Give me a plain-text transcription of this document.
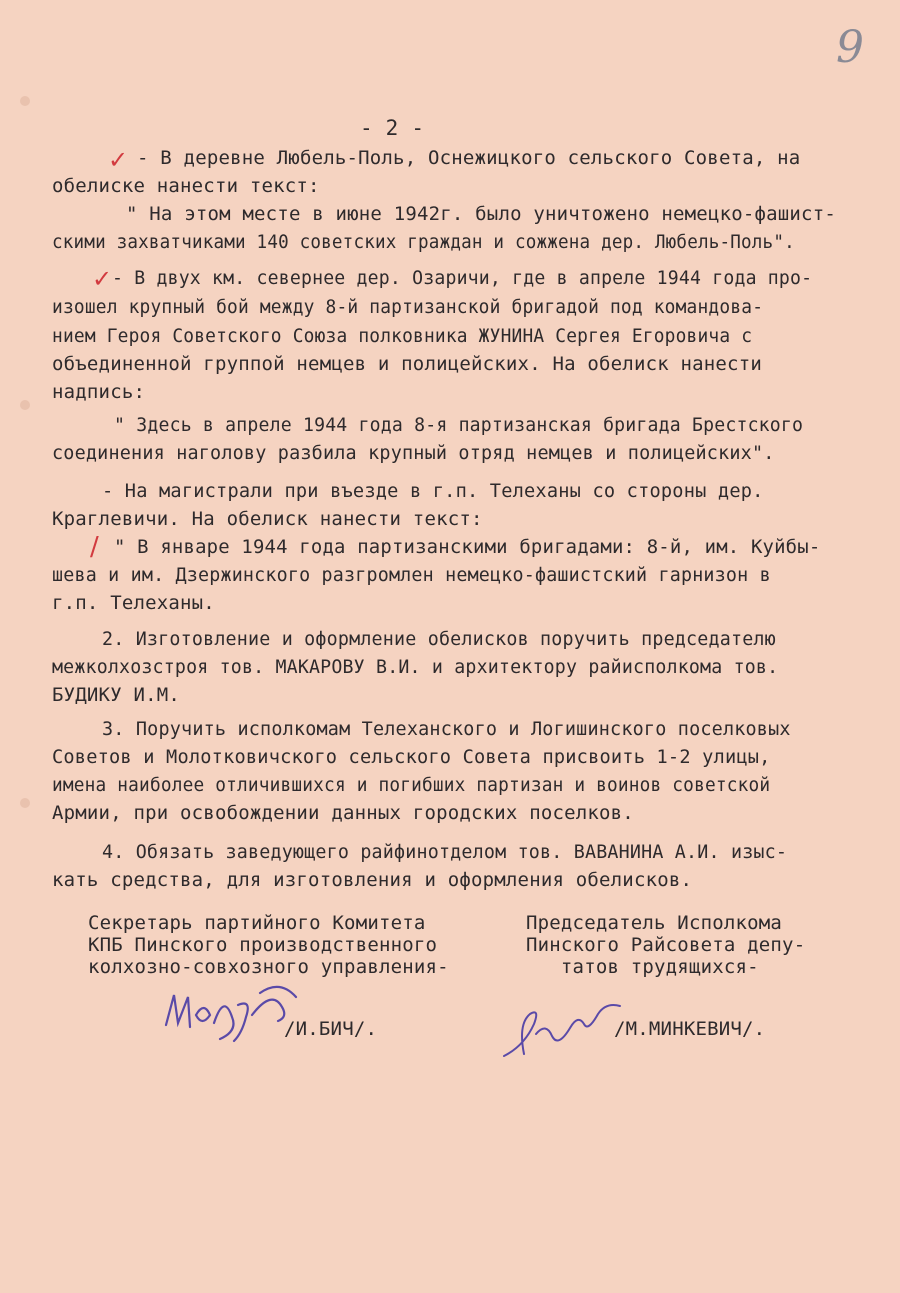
9
- 2 -
✓
✓
/
- В деревне Любель-Поль, Оснежицкого сельского Совета, на
обелиске нанести текст:
" На этом месте в июне 1942г. было уничтожено немецко-фашист-
скими захватчиками 140 советских граждан и сожжена дер. Любель-Поль".
- В двух км. севернее дер. Озаричи, где в апреле 1944 года про-
изошел крупный бой между 8-й партизанской бригадой под командова-
нием Героя Советского Союза полковника ЖУНИНА Сергея Егоровича с
объединенной группой немцев и полицейских. На обелиск нанести
надпись:
" Здесь в апреле 1944 года 8-я партизанская бригада Брестского
соединения наголову разбила крупный отряд немцев и полицейских".
- На магистрали при въезде в г.п. Телеханы со стороны дер.
Краглевичи. На обелиск нанести текст:
" В январе 1944 года партизанскими бригадами: 8-й, им. Куйбы-
шева и им. Дзержинского разгромлен немецко-фашистский гарнизон в
г.п. Телеханы.
2. Изготовление и оформление обелисков поручить председателю
межколхозстроя тов. МАКАРОВУ В.И. и архитектору райисполкома тов.
БУДИКУ И.М.
3. Поручить исполкомам Телеханского и Логишинского поселковых
Советов и Молотковичского сельского Совета присвоить 1-2 улицы,
имена наиболее отличившихся и погибших партизан и воинов советской
Армии, при освобождении данных городских поселков.
4. Обязать заведующего райфинотделом тов. ВАВАНИНА А.И. изыс-
кать средства, для изготовления и оформления обелисков.
Секретарь партийного Комитета
КПБ Пинского производственного
колхозно-совхозного управления-
Председатель Исполкома
Пинского Райсовета депу-
татов трудящихся-
/И.БИЧ/.	/М.МИНКЕВИЧ/.
